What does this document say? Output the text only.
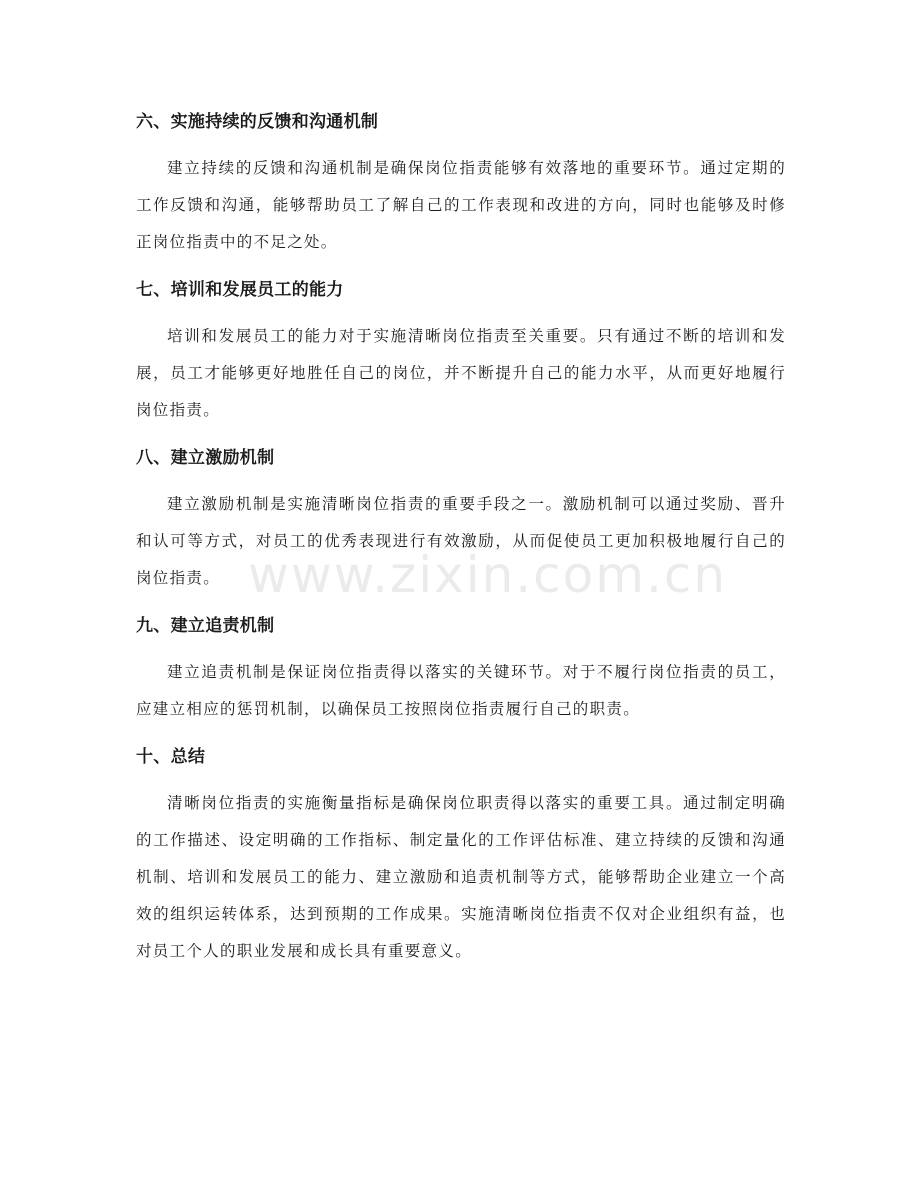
六、实施持续的反馈和沟通机制

建立持续的反馈和沟通机制是确保岗位指责能够有效落地的重要环节。通过定期的工作反馈和沟通，能够帮助员工了解自己的工作表现和改进的方向，同时也能够及时修正岗位指责中的不足之处。

七、培训和发展员工的能力

培训和发展员工的能力对于实施清晰岗位指责至关重要。只有通过不断的培训和发展，员工才能够更好地胜任自己的岗位，并不断提升自己的能力水平，从而更好地履行岗位指责。

八、建立激励机制

建立激励机制是实施清晰岗位指责的重要手段之一。激励机制可以通过奖励、晋升和认可等方式，对员工的优秀表现进行有效激励，从而促使员工更加积极地履行自己的岗位指责。

九、建立追责机制

建立追责机制是保证岗位指责得以落实的关键环节。对于不履行岗位指责的员工，应建立相应的惩罚机制，以确保员工按照岗位指责履行自己的职责。

十、总结

清晰岗位指责的实施衡量指标是确保岗位职责得以落实的重要工具。通过制定明确的工作描述、设定明确的工作指标、制定量化的工作评估标准、建立持续的反馈和沟通机制、培训和发展员工的能力、建立激励和追责机制等方式，能够帮助企业建立一个高效的组织运转体系，达到预期的工作成果。实施清晰岗位指责不仅对企业组织有益，也对员工个人的职业发展和成长具有重要意义。

www.zixin.com.cn
